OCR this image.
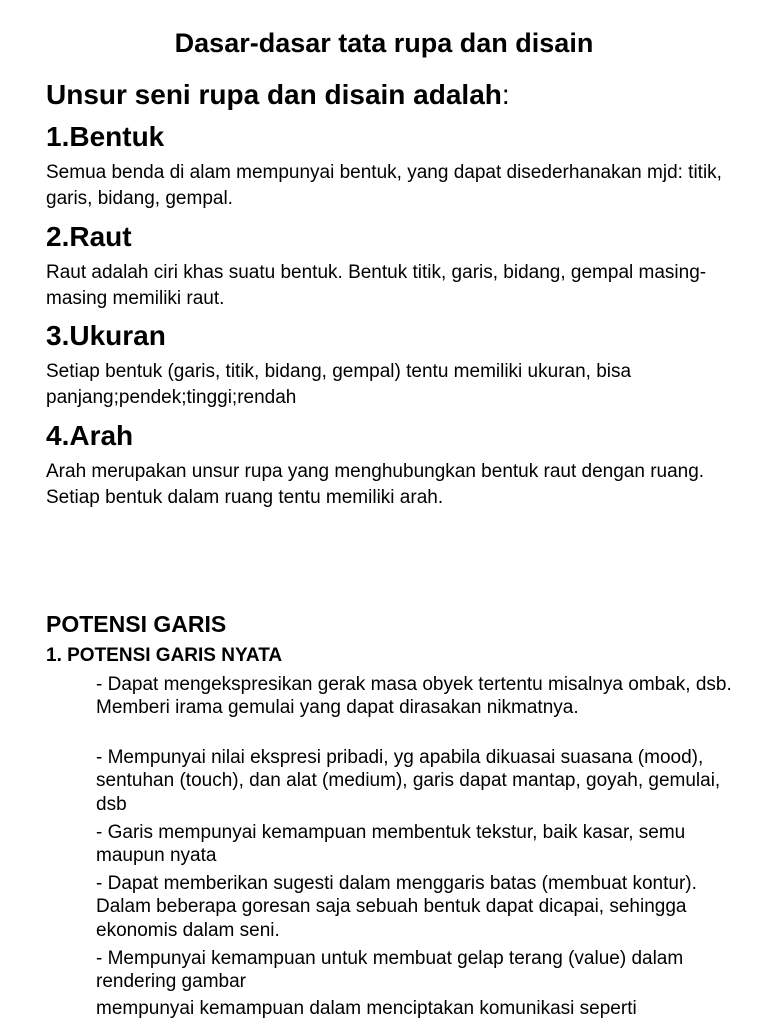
Dasar-dasar tata rupa dan disain
Unsur seni rupa dan disain adalah:
1.Bentuk

Semua benda di alam mempunyai bentuk, yang dapat disederhanakan mjd: titik, garis, bidang, gempal.

2.Raut

Raut adalah ciri khas suatu bentuk. Bentuk titik, garis, bidang, gempal masing-masing memiliki raut.

3.Ukuran

Setiap bentuk (garis, titik, bidang, gempal) tentu memiliki ukuran, bisa panjang;pendek;tinggi;rendah

4.Arah

Arah merupakan unsur rupa yang menghubungkan bentuk raut dengan ruang. Setiap bentuk dalam ruang tentu memiliki arah.

POTENSI GARIS
1. POTENSI GARIS NYATA

- Dapat mengekspresikan gerak masa obyek tertentu misalnya ombak, dsb. Memberi irama gemulai yang dapat dirasakan nikmatnya.

- Mempunyai nilai ekspresi pribadi, yg apabila dikuasai suasana (mood), sentuhan (touch), dan alat (medium), garis dapat mantap, goyah, gemulai, dsb

- Garis mempunyai kemampuan membentuk tekstur, baik kasar, semu maupun nyata

- Dapat memberikan sugesti dalam menggaris batas (membuat kontur). Dalam beberapa goresan saja sebuah bentuk dapat dicapai, sehingga ekonomis dalam seni.

- Mempunyai kemampuan untuk membuat gelap terang (value) dalam rendering gambar

mempunyai kemampuan dalam menciptakan komunikasi seperti
